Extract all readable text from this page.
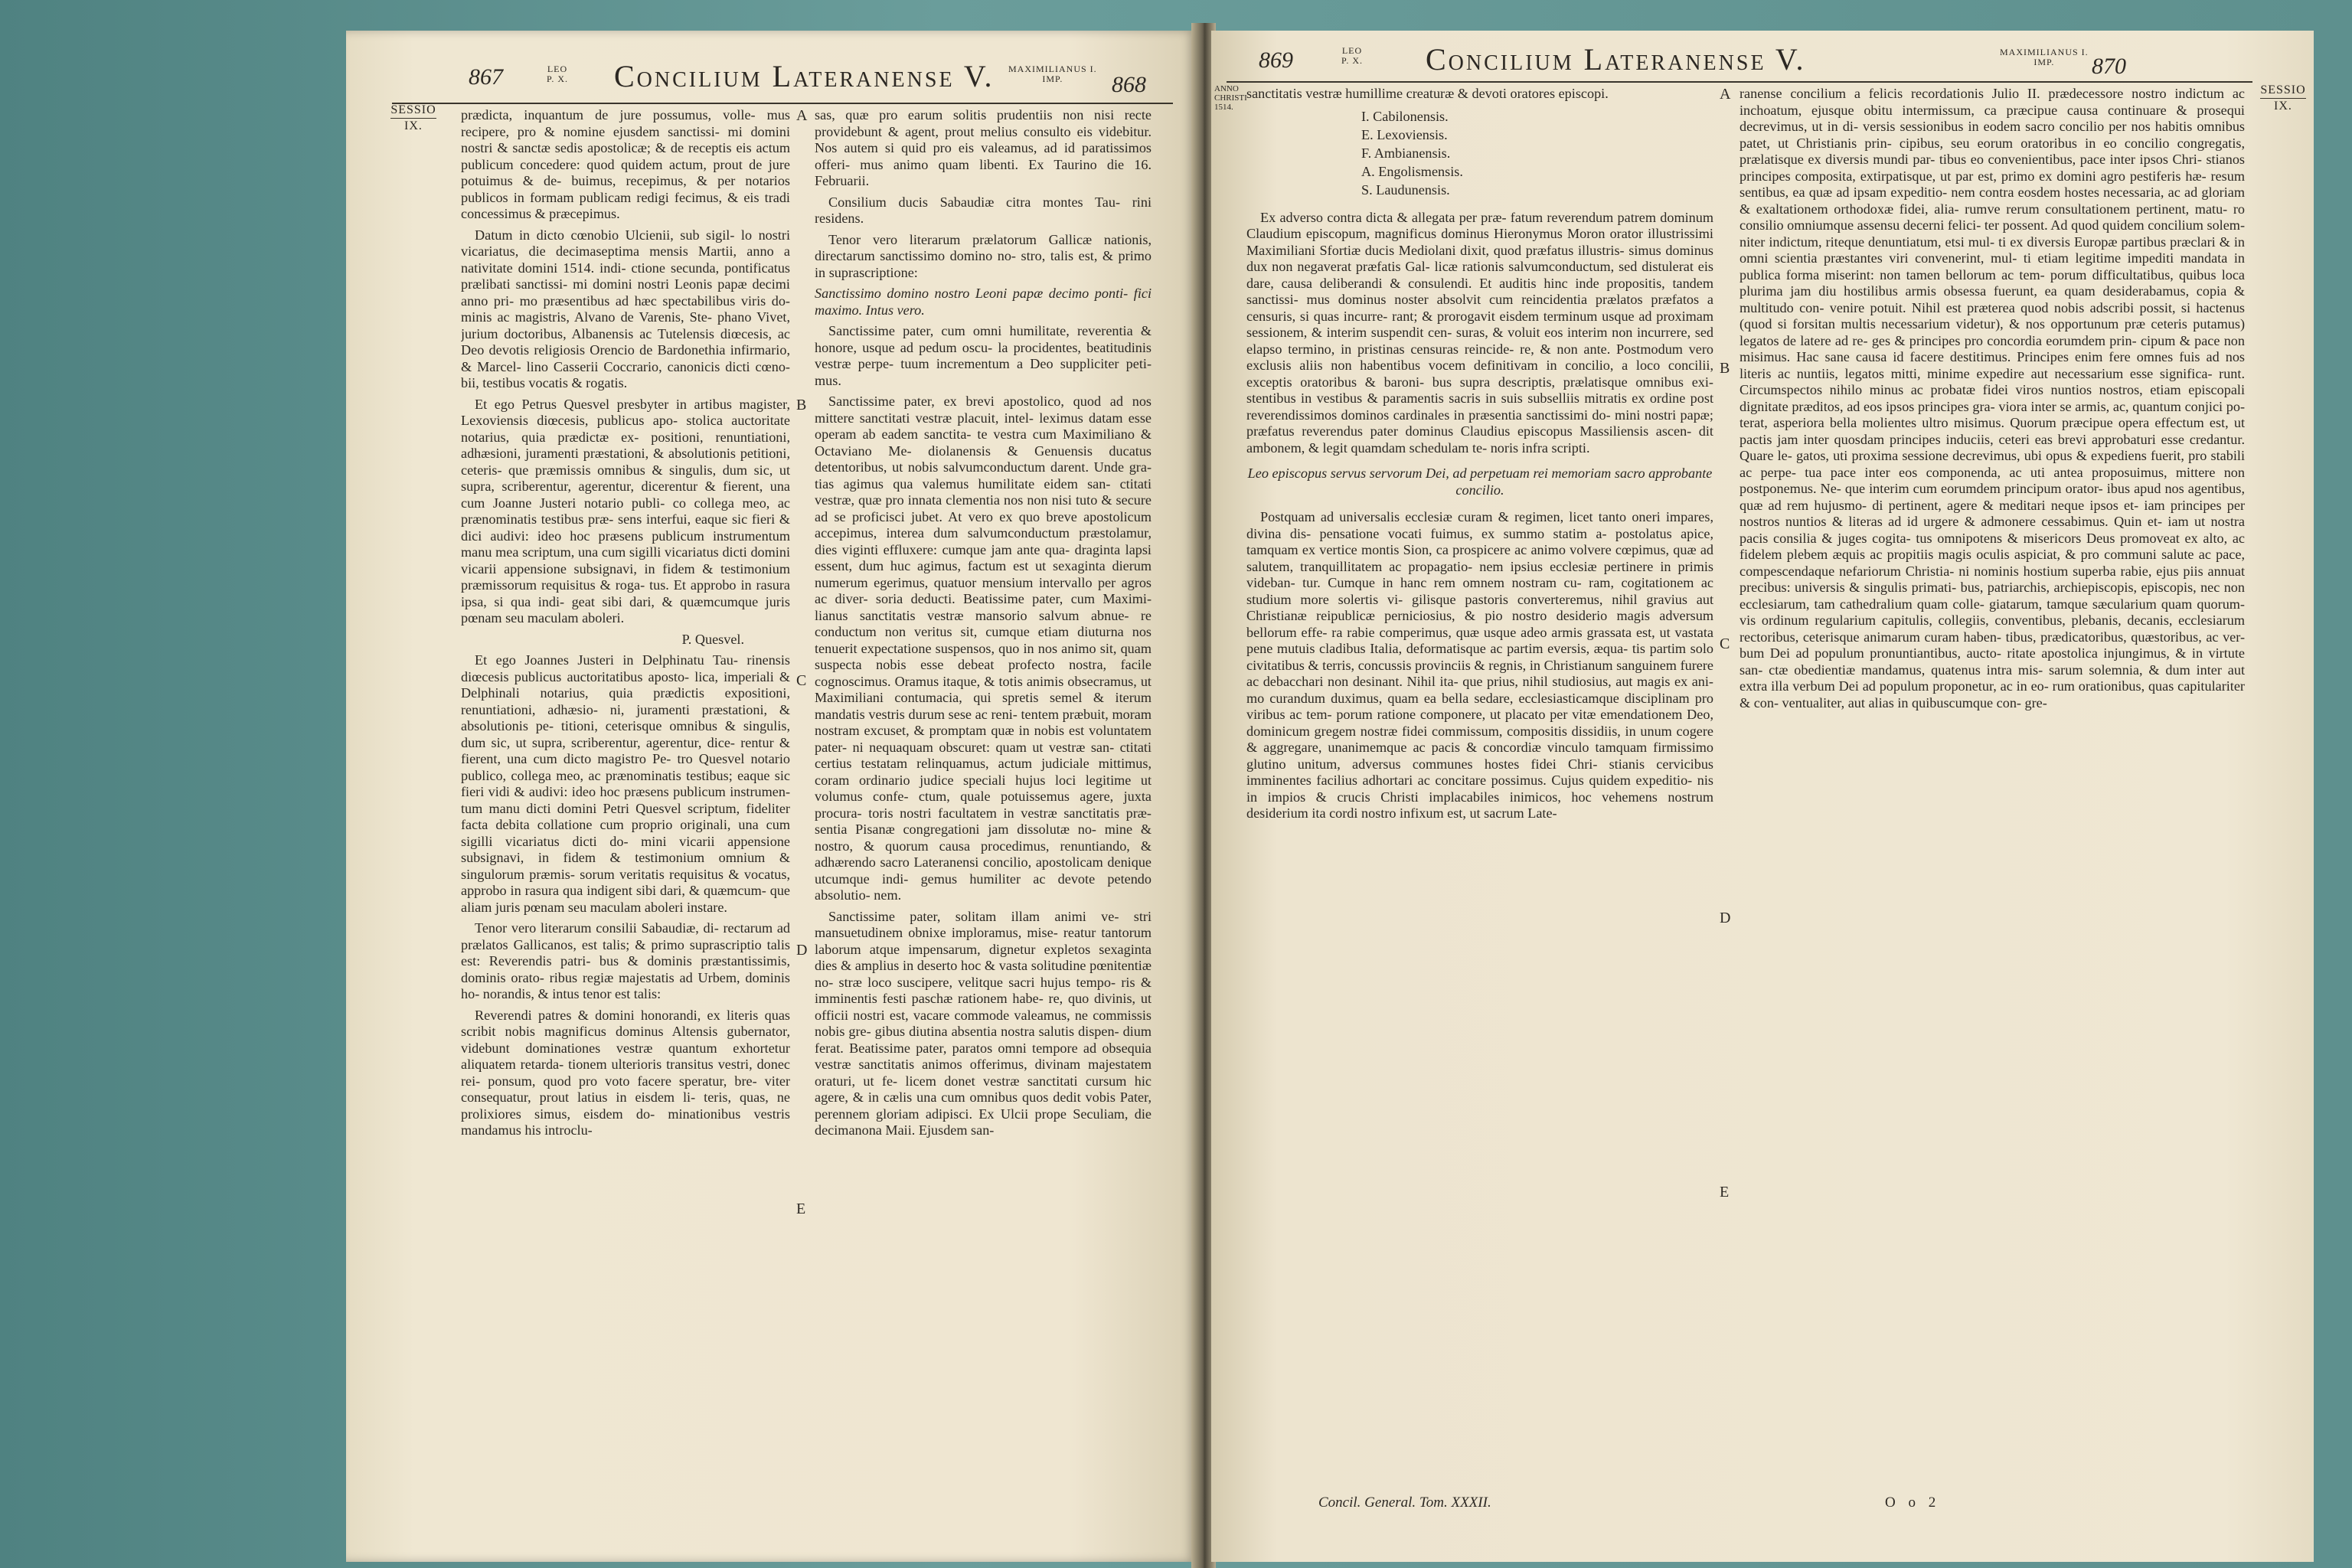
867	LEO
P. X. Concilium Lateranense V. MAXIMILIANUS I.
IMP.	868
SESSIO
IX.

prædicta, inquantum de jure possumus, volle- mus recipere, pro & nomine ejusdem sanctissi- mi domini nostri & sanctæ sedis apostolicæ; & de receptis eis actum publicum concedere: quod quidem actum, prout de jure potuimus & de- buimus, recepimus, & per notarios publicos in formam publicam redigi fecimus, & eis tradi concessimus & præcepimus.

Datum in dicto cœnobio Ulcienii, sub sigil- lo nostri vicariatus, die decimaseptima mensis Martii, anno a nativitate domini 1514. indi- ctione secunda, pontificatus prælibati sanctissi- mi domini nostri Leonis papæ decimi anno pri- mo præsentibus ad hæc spectabilibus viris do- minis ac magistris, Alvano de Varenis, Ste- phano Vivet, jurium doctoribus, Albanensis ac Tutelensis diœcesis, ac Deo devotis religiosis Orencio de Bardonethia infirmario, & Marcel- lino Casserii Coccrario, canonicis dicti cœno- bii, testibus vocatis & rogatis.

Et ego Petrus Quesvel presbyter in artibus magister, Lexoviensis diœcesis, publicus apo- stolica auctoritate notarius, quia prædictæ ex- positioni, renuntiationi, adhæsioni, juramenti præstationi, & absolutionis petitioni, ceteris- que præmissis omnibus & singulis, dum sic, ut supra, scriberentur, agerentur, dicerentur & fierent, una cum Joanne Justeri notario publi- co collega meo, ac prænominatis testibus præ- sens interfui, eaque sic fieri & dici audivi: ideo hoc præsens publicum instrumentum manu mea scriptum, una cum sigilli vicariatus dicti domini vicarii appensione subsignavi, in fidem & testimonium præmissorum requisitus & roga- tus. Et approbo in rasura ipsa, si qua indi- geat sibi dari, & quæmcumque juris pœnam seu maculam aboleri.

P. Quesvel.

Et ego Joannes Justeri in Delphinatu Tau- rinensis diœcesis publicus auctoritatibus aposto- lica, imperiali & Delphinali notarius, quia prædictis expositioni, renuntiationi, adhæsio- ni, juramenti præstationi, & absolutionis pe- titioni, ceterisque omnibus & singulis, dum sic, ut supra, scriberentur, agerentur, dice- rentur & fierent, una cum dicto magistro Pe- tro Quesvel notario publico, collega meo, ac prænominatis testibus; eaque sic fieri vidi & audivi: ideo hoc præsens publicum instrumen- tum manu dicti domini Petri Quesvel scriptum, fideliter facta debita collatione cum proprio originali, una cum sigilli vicariatus dicti do- mini vicarii appensione subsignavi, in fidem & testimonium omnium & singulorum præmis- sorum veritatis requisitus & vocatus, approbo in rasura qua indigent sibi dari, & quæmcum- que aliam juris pœnam seu maculam aboleri instare.

Tenor vero literarum consilii Sabaudiæ, di- rectarum ad prælatos Gallicanos, est talis; & primo suprascriptio talis est: Reverendis patri- bus & dominis præstantissimis, dominis orato- ribus regiæ majestatis ad Urbem, dominis ho- norandis, & intus tenor est talis:

Reverendi patres & domini honorandi, ex literis quas scribit nobis magnificus dominus Altensis gubernator, videbunt dominationes vestræ quantum exhortetur aliquatem retarda- tionem ulterioris transitus vestri, donec rei- ponsum, quod pro voto facere speratur, bre- viter consequatur, prout latius in eisdem li- teris, quas, ne prolixiores simus, eisdem do- minationibus vestris mandamus his introclu-

A
B
C
D
E

sas, quæ pro earum solitis prudentiis non nisi recte providebunt & agent, prout melius consulto eis videbitur. Nos autem si quid pro eis valeamus, ad id paratissimos offeri- mus animo quam libenti. Ex Taurino die 16. Februarii.

Consilium ducis Sabaudiæ citra montes Tau- rini residens.

Tenor vero literarum prælatorum Gallicæ nationis, directarum sanctissimo domino no- stro, talis est, & primo in suprascriptione:

Sanctissimo domino nostro Leoni papæ decimo ponti- fici maximo. Intus vero.

Sanctissime pater, cum omni humilitate, reverentia & honore, usque ad pedum oscu- la procidentes, beatitudinis vestræ perpe- tuum incrementum a Deo suppliciter peti- mus.

Sanctissime pater, ex brevi apostolico, quod ad nos mittere sanctitati vestræ placuit, intel- leximus datam esse operam ab eadem sanctita- te vestra cum Maximiliano & Octaviano Me- diolanensis & Genuensis ducatus detentoribus, ut nobis salvumconductum darent. Unde gra- tias agimus qua valemus humilitate eidem san- ctitati vestræ, quæ pro innata clementia nos non nisi tuto & secure ad se proficisci jubet. At vero ex quo breve apostolicum accepimus, interea dum salvumconductum præstolamur, dies viginti effluxere: cumque jam ante qua- draginta lapsi essent, dum huc agimus, factum est ut sexaginta dierum numerum egerimus, quatuor mensium intervallo per agros ac diver- soria deducti. Beatissime pater, cum Maximi- lianus sanctitatis vestræ mansorio salvum abnue- re conductum non veritus sit, cumque etiam diuturna nos tenuerit expectatione suspensos, quo in nos animo sit, quam suspecta nobis esse debeat profecto nostra, facile cognoscimus. Oramus itaque, & totis animis obsecramus, ut Maximiliani contumacia, qui spretis semel & iterum mandatis vestris durum sese ac reni- tentem præbuit, moram nostram excuset, & promptam quæ in nobis est voluntatem pater- ni nequaquam obscuret: quam ut vestræ san- ctitati certius testatam relinquamus, actum judiciale mittimus, coram ordinario judice speciali hujus loci legitime ut volumus confe- ctum, quale potuissemus agere, juxta procura- toris nostri facultatem in vestræ sanctitatis præ- sentia Pisanæ congregationi jam dissolutæ no- mine & nostro, & quorum causa procedimus, renuntiando, & adhærendo sacro Lateranensi concilio, apostolicam denique utcumque indi- gemus humiliter ac devote petendo absolutio- nem.

Sanctissime pater, solitam illam animi ve- stri mansuetudinem obnixe imploramus, mise- reatur tantorum laborum atque impensarum, dignetur expletos sexaginta dies & amplius in deserto hoc & vasta solitudine pœnitentiæ no- stræ loco suscipere, velitque sacri hujus tempo- ris & imminentis festi paschæ rationem habe- re, quo divinis, ut officii nostri est, vacare commode valeamus, ne commissis nobis gre- gibus diutina absentia nostra salutis dispen- dium ferat. Beatissime pater, paratos omni tempore ad obsequia vestræ sanctitatis animos offerimus, divinam majestatem oraturi, ut fe- licem donet vestræ sanctitati cursum hic agere, & in cælis una cum omnibus quos dedit vobis Pater, perennem gloriam adipisci. Ex Ulcii prope Seculiam, die decimanona Maii. Ejusdem san-

869	LEO
P. X. Concilium Lateranense V.	MAXIMILIANUS I.
IMP.	870
ANNO
CHRISTI
1514.
SESSIO
IX.

sanctitatis vestræ humillime creaturæ & devoti oratores episcopi.

I. Cabilonensis.
E. Lexoviensis.
F. Ambianensis.
A. Engolismensis.
S. Laudunensis.

Ex adverso contra dicta & allegata per præ- fatum reverendum patrem dominum Claudium episcopum, magnificus dominus Hieronymus Moron orator illustrissimi Maximiliani Sfortiæ ducis Mediolani dixit, quod præfatus illustris- simus dominus dux non negaverat præfatis Gal- licæ rationis salvumconductum, sed distulerat eis dare, causa deliberandi & consulendi. Et auditis hinc inde propositis, tandem sanctissi- mus dominus noster absolvit cum reincidentia prælatos præfatos a censuris, si quas incurre- rant; & prorogavit eisdem terminum usque ad proximam sessionem, & interim suspendit cen- suras, & voluit eos interim non incurrere, sed elapso termino, in pristinas censuras reincide- re, & non ante. Postmodum vero exclusis aliis non habentibus vocem definitivam in concilio, a loco concilii, exceptis oratoribus & baroni- bus supra descriptis, prælatisque omnibus exi- stentibus in vestibus & paramentis sacris in suis subselliis mitratis ex ordine post reverendissimos dominos cardinales in præsentia sanctissimi do- mini nostri papæ; præfatus reverendus pater dominus Claudius episcopus Massiliensis ascen- dit ambonem, & legit quamdam schedulam te- noris infra scripti.

Leo episcopus servus servorum Dei, ad perpetuam rei memoriam sacro approbante concilio.

Postquam ad universalis ecclesiæ curam & regimen, licet tanto oneri impares, divina dis- pensatione vocati fuimus, ex summo statim a- postolatus apice, tamquam ex vertice montis Sion, ca prospicere ac animo volvere cœpimus, quæ ad salutem, tranquillitatem ac propagatio- nem ipsius ecclesiæ pertinere in primis videban- tur. Cumque in hanc rem omnem nostram cu- ram, cogitationem ac studium more solertis vi- gilisque pastoris converteremus, nihil gravius aut Christianæ reipublicæ perniciosius, & pio nostro desiderio magis adversum bellorum effe- ra rabie comperimus, quæ usque adeo armis grassata est, ut vastata pene mutuis cladibus Italia, deformatisque ac partim eversis, æqua- tis partim solo civitatibus & terris, concussis provinciis & regnis, in Christianum sanguinem furere ac debacchari non desinant. Nihil ita- que prius, nihil studiosius, aut magis ex ani- mo curandum duximus, quam ea bella sedare, ecclesiasticamque disciplinam pro viribus ac tem- porum ratione componere, ut placato per vitæ emendationem Deo, dominicum gregem nostræ fidei commissum, compositis dissidiis, in unum cogere & aggregare, unanimemque ac pacis & concordiæ vinculo tamquam firmissimo glutino unitum, adversus communes hostes fidei Chri- stianis cervicibus imminentes facilius adhortari ac concitare possimus. Cujus quidem expeditio- nis in impios & crucis Christi implacabiles inimicos, hoc vehemens nostrum desiderium ita cordi nostro infixum est, ut sacrum Late-

A
B
C
D
E

ranense concilium a felicis recordationis Julio II. prædecessore nostro indictum ac inchoatum, ejusque obitu intermissum, ca præcipue causa continuare & prosequi decrevimus, ut in di- versis sessionibus in eodem sacro concilio per nos habitis omnibus patet, ut Christianis prin- cipibus, seu eorum oratoribus in eo concilio congregatis, prælatisque ex diversis mundi par- tibus eo convenientibus, pace inter ipsos Chri- stianos principes composita, extirpatisque, ut par est, primo ex domini agro pestiferis hæ- resum sentibus, ea quæ ad ipsam expeditio- nem contra eosdem hostes necessaria, ac ad gloriam & exaltationem orthodoxæ fidei, alia- rumve rerum consultationem pertinent, matu- ro consilio omniumque assensu decerni felici- ter possent. Ad quod quidem concilium solem- niter indictum, riteque denuntiatum, etsi mul- ti ex diversis Europæ partibus præclari & in omni scientia præstantes viri convenerint, mul- ti etiam legitime impediti mandata in publica forma miserint: non tamen bellorum ac tem- porum difficultatibus, quibus loca plurima jam diu hostilibus armis obsessa fuerunt, ea quam desiderabamus, copia & multitudo con- venire potuit. Nihil est præterea quod nobis adscribi possit, si hactenus (quod si forsitan multis necessarium videtur), & nos opportunum præ ceteris putamus) legatos de latere ad re- ges & principes pro concordia eorumdem prin- cipum & pace non misimus. Hac sane causa id facere destitimus. Principes enim fere omnes fuis ad nos literis ac nuntiis, legatos mitti, minime expedire aut necessarium esse significa- runt. Circumspectos nihilo minus ac probatæ fidei viros nuntios nostros, etiam episcopali dignitate præditos, ad eos ipsos principes gra- viora inter se armis, ac, quantum conjici po- terat, asperiora bella molientes ultro misimus. Quorum præcipue opera effectum est, ut pactis jam inter quosdam principes induciis, ceteri eas brevi approbaturi esse credantur. Quare le- gatos, uti proxima sessione decrevimus, ubi opus & expediens fuerit, pro stabili ac perpe- tua pace inter eos componenda, ac uti antea proposuimus, mittere non postponemus. Ne- que interim cum eorumdem principum orator- ibus apud nos agentibus, quæ ad rem hujusmo- di pertinent, agere & meditari neque ipsos et- iam principes per nostros nuntios & literas ad id urgere & admonere cessabimus. Quin et- iam ut nostra pacis consilia & juges cogita- tus omnipotens & misericors Deus promoveat ex alto, ac fidelem plebem æquis ac propitiis magis oculis aspiciat, & pro communi salute ac pace, compescendaque nefariorum Christia- ni nominis hostium superba rabie, ejus piis annuat precibus: universis & singulis primati- bus, patriarchis, archiepiscopis, episcopis, nec non ecclesiarum, tam cathedralium quam colle- giatarum, tamque sæcularium quam quorum- vis ordinum regularium capitulis, collegiis, conventibus, plebanis, decanis, ecclesiarum rectoribus, ceterisque animarum curam haben- tibus, prædicatoribus, quæstoribus, ac ver- bum Dei ad populum pronuntiantibus, aucto- ritate apostolica injungimus, & in virtute san- ctæ obedientiæ mandamus, quatenus intra mis- sarum solemnia, & dum inter aut extra illa verbum Dei ad populum proponetur, ac in eo- rum orationibus, quas capitulariter & con- ventualiter, aut alias in quibuscumque con- gre-

Concil. General. Tom. XXXII.	O o 2
